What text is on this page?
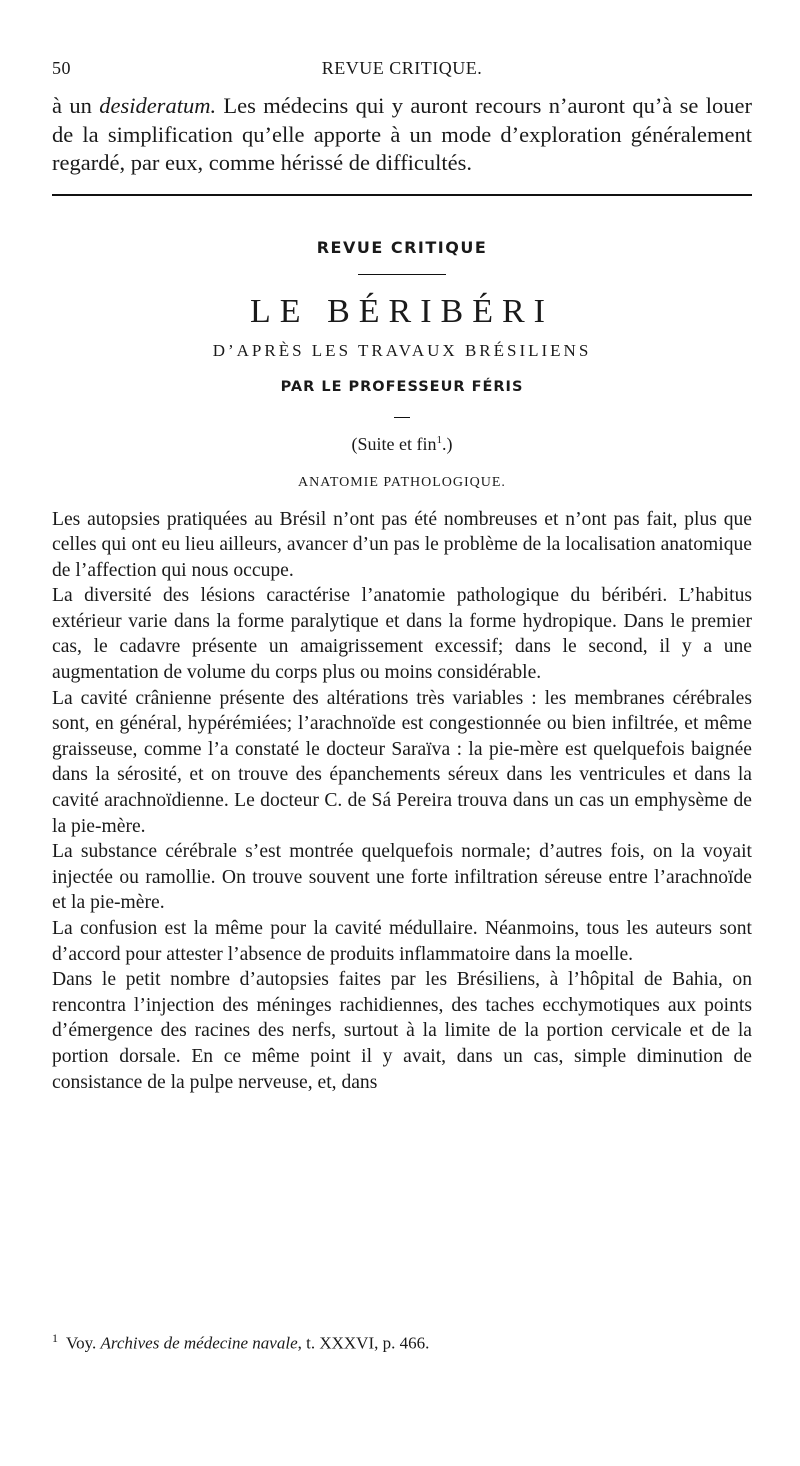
50	REVUE CRITIQUE.

à un desideratum. Les médecins qui y auront recours n’auront qu’à se louer de la simplification qu’elle apporte à un mode d’exploration généralement regardé, par eux, comme hérissé de difficultés.

REVUE CRITIQUE
LE BÉRIBÉRI
D’APRÈS LES TRAVAUX BRÉSILIENS
PAR LE PROFESSEUR FÉRIS
(Suite et fin$^1$.)
ANATOMIE PATHOLOGIQUE.

Les autopsies pratiquées au Brésil n’ont pas été nombreuses et n’ont pas fait, plus que celles qui ont eu lieu ailleurs, avancer d’un pas le problème de la localisation anatomique de l’affection qui nous occupe.

La diversité des lésions caractérise l’anatomie pathologique du béribéri. L’habitus extérieur varie dans la forme paralytique et dans la forme hydropique. Dans le premier cas, le cadavre présente un amaigrissement excessif; dans le second, il y a une augmentation de volume du corps plus ou moins considérable.

La cavité crânienne présente des altérations très variables : les membranes cérébrales sont, en général, hypérémiées; l’arachnoïde est congestionnée ou bien infiltrée, et même graisseuse, comme l’a constaté le docteur Saraïva : la pie-mère est quelquefois baignée dans la sérosité, et on trouve des épanchements séreux dans les ventricules et dans la cavité arachnoïdienne. Le docteur C. de Sá Pereira trouva dans un cas un emphysème de la pie-mère.

La substance cérébrale s’est montrée quelquefois normale; d’autres fois, on la voyait injectée ou ramollie. On trouve souvent une forte infiltration séreuse entre l’arachnoïde et la pie-mère.

La confusion est la même pour la cavité médullaire. Néanmoins, tous les auteurs sont d’accord pour attester l’absence de produits inflammatoire dans la moelle.

Dans le petit nombre d’autopsies faites par les Brésiliens, à l’hôpital de Bahia, on rencontra l’injection des méninges rachidiennes, des taches ecchymotiques aux points d’émergence des racines des nerfs, surtout à la limite de la portion cervicale et de la portion dorsale. En ce même point il y avait, dans un cas, simple diminution de consistance de la pulpe nerveuse, et, dans

$^1$ Voy. Archives de médecine navale, t. XXXVI, p. 466.
